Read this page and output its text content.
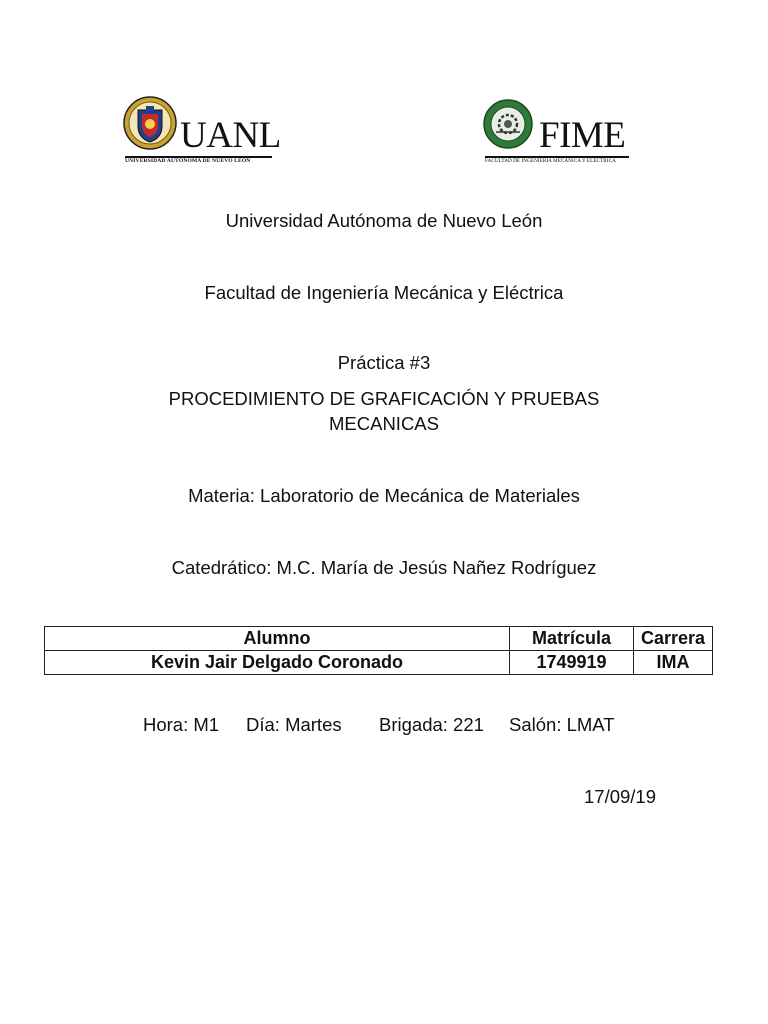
UANL
UNIVERSIDAD AUTÓNOMA DE NUEVO LEÓN
FIME
FACULTAD DE INGENIERÍA MECÁNICA Y ELÉCTRICA
Universidad Autónoma de Nuevo León
Facultad de Ingeniería Mecánica y Eléctrica
Práctica #3
PROCEDIMIENTO DE GRAFICACIÓN Y PRUEBAS
MECANICAS
Materia: Laboratorio de Mecánica de Materiales
Catedrático: M.C. María de Jesús Nañez Rodríguez
Alumno	Matrícula	Carrera
Kevin Jair Delgado Coronado	1749919	IMA
Hora: M1 Día: Martes Brigada: 221 Salón: LMAT
17/09/19
